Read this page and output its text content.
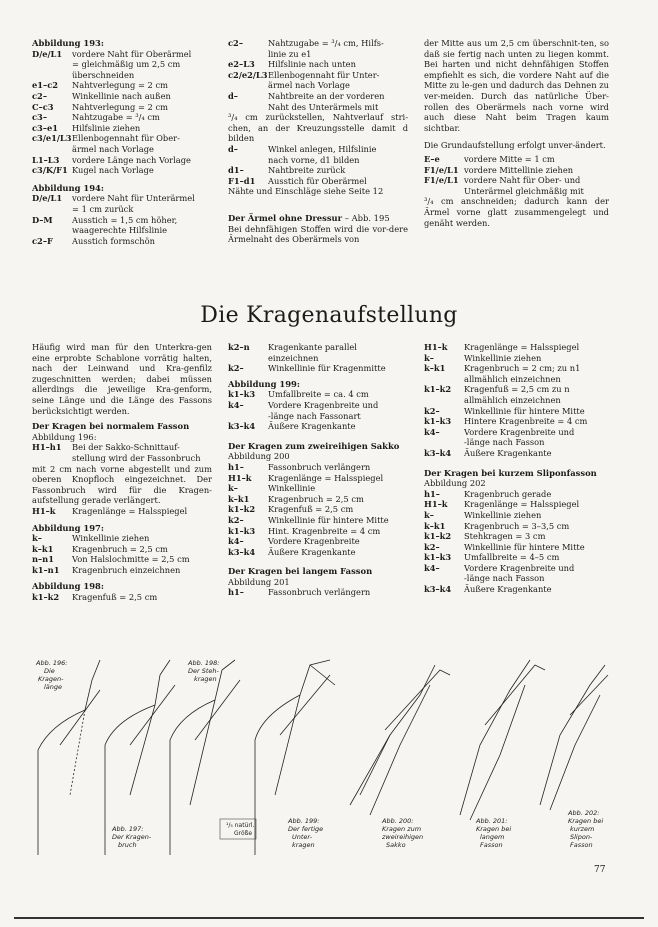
Abbildung 193:
D/e/L1	vordere Naht für Oberärmel
= gleichmäßig um 2,5 cm
überschneiden
e1–c2	Nahtverlegung = 2 cm
c2–	Winkellinie nach außen
C–c3	Nahtverlegung = 2 cm
c3–	Nahtzugabe = ³/₄ cm
c3–e1	Hilfslinie ziehen
c3/e1/L3 Ellenbogennaht für Ober-
ärmel nach Vorlage
L1–L3	vordere Länge nach Vorlage
c3/K/F1 Kugel nach Vorlage
Abbildung 194:
D/e/L1	vordere Naht für Unterärmel
= 1 cm zurück
D–M	Ausstich = 1,5 cm höher,
waagerechte Hilfslinie
c2–F	Ausstich formschön
c2–	Nahtzugabe = ³/₄ cm, Hilfs-
linie zu e1
e2–L3	Hilfslinie nach unten
c2/e2/L3 Ellenbogennaht für Unter-
ärmel nach Vorlage
d–	Nahtbreite an der vorderen
Naht des Unterärmels mit

³/₄ cm zurückstellen, Nahtverlauf stri-chen, an der Kreuzungsstelle damit d bilden

d–	Winkel anlegen, Hilfslinie
nach vorne, d1 bilden
d1–	Nahtbreite zurück
F1–d1	Ausstich für Oberärmel

Nähte und Einschläge siehe Seite 12

Der Ärmel ohne Dressur – Abb. 195

Bei dehnfähigen Stoffen wird die vor-dere Ärmelnaht des Oberärmels von

der Mitte aus um 2,5 cm überschnit-ten, so daß sie fertig nach unten zu liegen kommt. Bei harten und nicht dehnfähigen Stoffen empfiehlt es sich, die vordere Naht auf die Mitte zu le-gen und dadurch das Dehnen zu ver-meiden. Durch das natürliche Über-rollen des Oberärmels nach vorne wird auch diese Naht beim Tragen kaum sichtbar.

Die Grundaufstellung erfolgt unver-ändert.

E–e	vordere Mitte = 1 cm
F1/e/L1 vordere Mittellinie ziehen
F1/e/L1 vordere Naht für Ober- und
Unterärmel gleichmäßig mit

³/₄ cm anschneiden; dadurch kann der Ärmel vorne glatt zusammengelegt und genäht werden.

Die Kragenaufstellung

Häufig wird man für den Unterkra-gen eine erprobte Schablone vorrätig halten, nach der Leinwand und Kra-genfilz zugeschnitten werden; dabei müssen allerdings die jeweilige Kra-genform, seine Länge und die Länge des Fassons berücksichtigt werden.

Der Kragen bei normalem Fasson
Abbildung 196:
H1–h1	Bei der Sakko-Schnittauf-
stellung wird der Fassonbruch

mit 2 cm nach vorne abgestellt und zum oberen Knopfloch eingezeichnet. Der Fassonbruch wird für die Kragen-aufstellung gerade verlängert.

H1–k	Kragenlänge = Halsspiegel
Abbildung 197:
k–	Winkellinie ziehen
k–k1	Kragenbruch = 2,5 cm
n–n1	Von Halslochmitte = 2,5 cm
k1–n1	Kragenbruch einzeichnen
Abbildung 198:
k1–k2	Kragenfuß = 2,5 cm
k2–n	Kragenkante parallel
einzeichnen
k2–	Winkellinie für Kragenmitte
Abbildung 199:
k1–k3	Umfallbreite = ca. 4 cm
k4–	Vordere Kragenbreite und
-länge nach Fassonart
k3–k4	Äußere Kragenkante
Der Kragen zum zweireihigen Sakko
Abbildung 200
h1–	Fassonbruch verlängern
H1–k	Kragenlänge = Halsspiegel
k–	Winkellinie
k–k1	Kragenbruch = 2,5 cm
k1–k2	Kragenfuß = 2,5 cm
k2–	Winkellinie für hintere Mitte
k1–k3	Hint. Kragenbreite = 4 cm
k4–	Vordere Kragenbreite
k3–k4	Äußere Kragenkante
Der Kragen bei langem Fasson
Abbildung 201
h1–	Fassonbruch verlängern
H1–k	Kragenlänge = Halsspiegel
k–	Winkellinie ziehen
k–k1	Kragenbruch = 2 cm; zu n1
allmählich einzeichnen
k1–k2	Kragenfuß = 2,5 cm zu n
allmählich einzeichnen
k2–	Winkellinie für hintere Mitte
k1–k3	Hintere Kragenbreite = 4 cm
k4–	Vordere Kragenbreite und
-länge nach Fasson
k3–k4	Äußere Kragenkante
Der Kragen bei kurzem Sliponfasson
Abbildung 202
h1–	Kragenbruch gerade
H1–k	Kragenlänge = Halsspiegel
k–	Winkellinie ziehen
k–k1	Kragenbruch = 3–3,5 cm
k1–k2	Stehkragen = 3 cm
k2–	Winkellinie für hintere Mitte
k1–k3	Umfallbreite = 4–5 cm
k4–	Vordere Kragenbreite und
-länge nach Fasson
k3–k4	Äußere Kragenkante
Abb. 196: Die Kragen-länge
Abb. 197: Der Kragen-bruch
Abb. 198: Der Steh-kragen
Abb. 199: Der fertige Unter-kragen
Abb. 200: Kragen zum zweireihigen Sakko
Abb. 201: Kragen bei langem Fasson
Abb. 202: Kragen bei kurzem Slipon-Fasson
¹/₅ natürl. Größe
77
